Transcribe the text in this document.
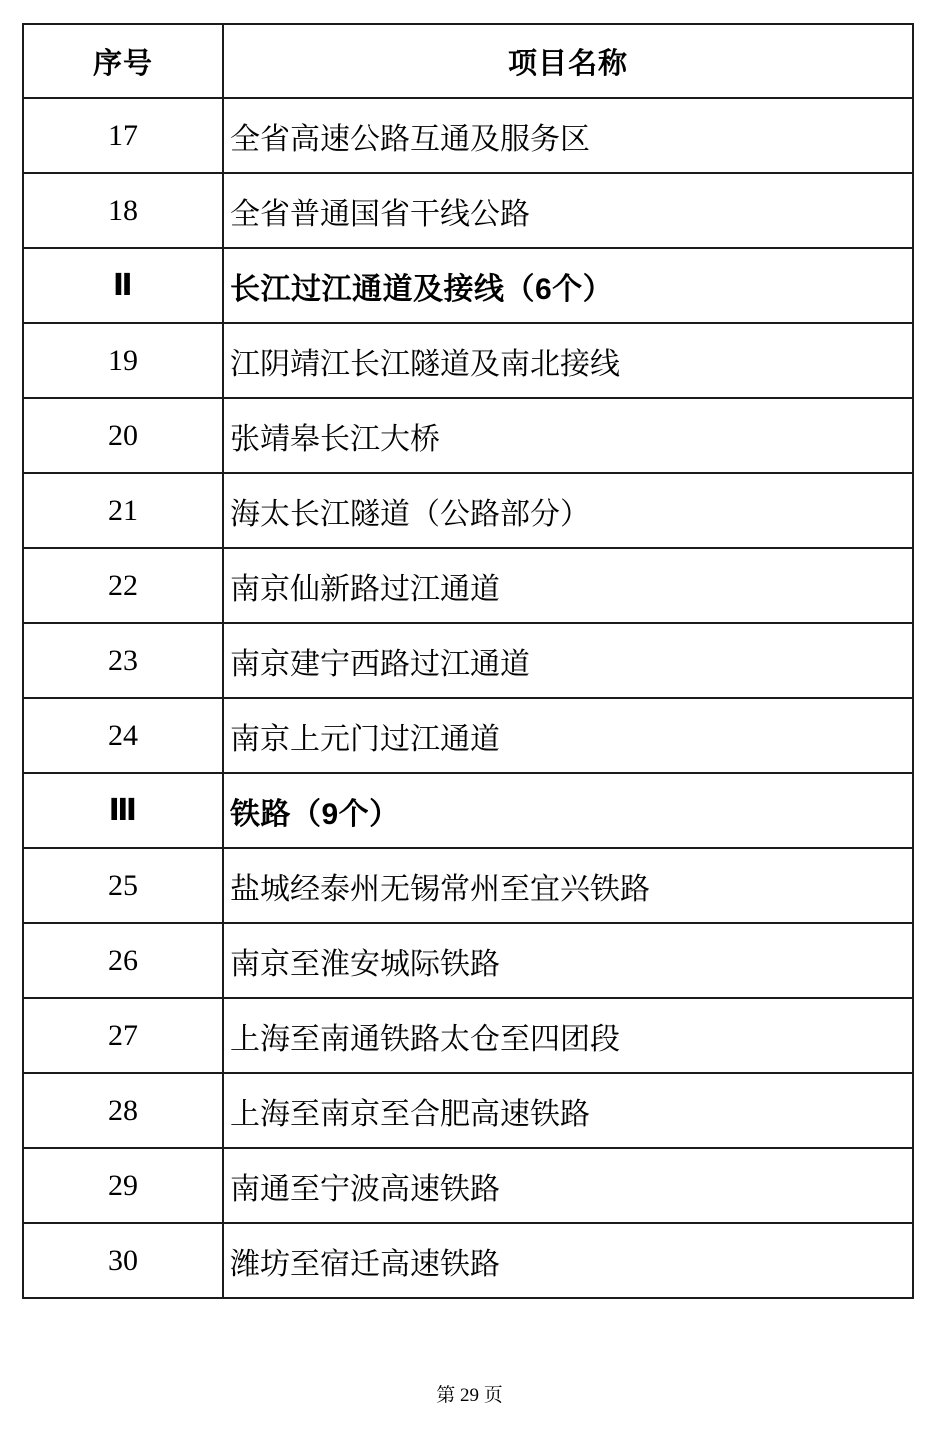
序号	项目名称
17	全省高速公路互通及服务区
18	全省普通国省干线公路
Ⅱ	长江过江通道及接线（6个）
19	江阴靖江长江隧道及南北接线
20	张靖皋长江大桥
21	海太长江隧道（公路部分）
22	南京仙新路过江通道
23	南京建宁西路过江通道
24	南京上元门过江通道
Ⅲ	铁路（9个）
25	盐城经泰州无锡常州至宜兴铁路
26	南京至淮安城际铁路
27	上海至南通铁路太仓至四团段
28	上海至南京至合肥高速铁路
29	南通至宁波高速铁路
30	潍坊至宿迁高速铁路
第 29 页
